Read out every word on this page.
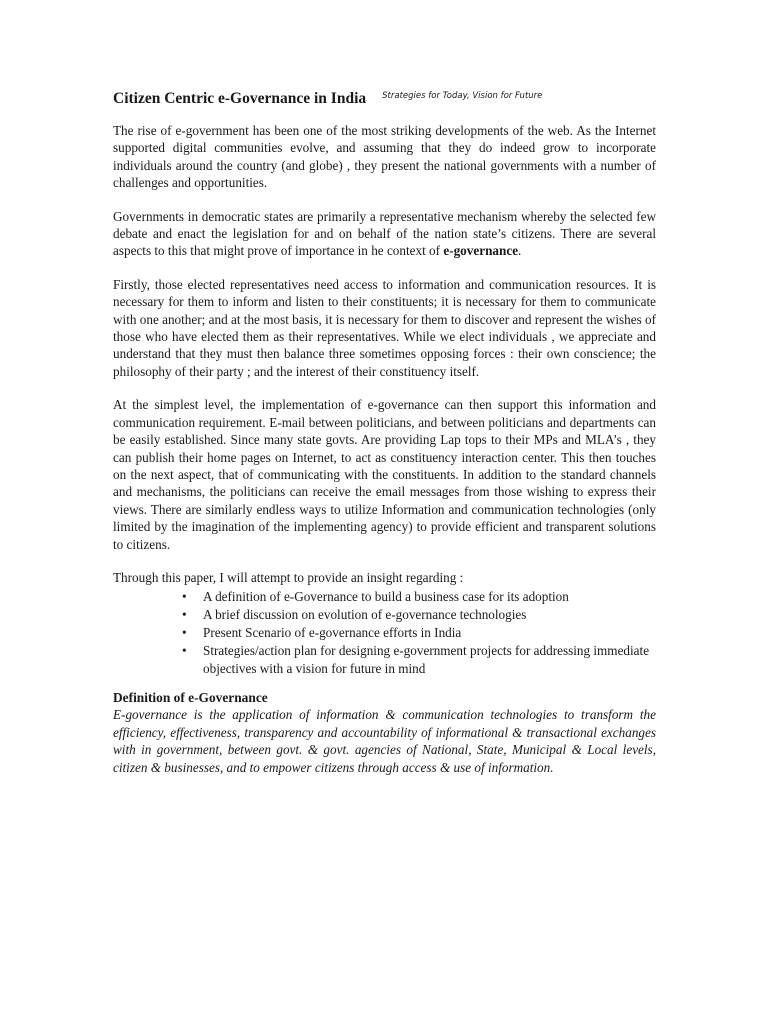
Citizen Centric e-Governance in India Strategies for Today, Vision for Future

The rise of e-government has been one of the most striking developments of the web. As the Internet supported digital communities evolve, and assuming that they do indeed grow to incorporate individuals around the country (and globe) , they present the national governments with a number of challenges and opportunities.

Governments in democratic states are primarily a representative mechanism whereby the selected few debate and enact the legislation for and on behalf of the nation state’s citizens. There are several aspects to this that might prove of importance in he context of e-governance.

Firstly, those elected representatives need access to information and communication resources. It is necessary for them to inform and listen to their constituents; it is necessary for them to communicate with one another; and at the most basis, it is necessary for them to discover and represent the wishes of those who have elected them as their representatives. While we elect individuals , we appreciate and understand that they must then balance three sometimes opposing forces : their own conscience; the philosophy of their party ; and the interest of their constituency itself.

At the simplest level, the implementation of e-governance can then support this information and communication requirement. E-mail between politicians, and between politicians and departments can be easily established. Since many state govts. Are providing Lap tops to their MPs and MLA’s , they can publish their home pages on Internet, to act as constituency interaction center. This then touches on the next aspect, that of communicating with the constituents. In addition to the standard channels and mechanisms, the politicians can receive the email messages from those wishing to express their views. There are similarly endless ways to utilize Information and communication technologies (only limited by the imagination of the implementing agency) to provide efficient and transparent solutions to citizens.

Through this paper, I will attempt to provide an insight regarding :

• A definition of e-Governance to build a business case for its adoption
• A brief discussion on evolution of e-governance technologies
• Present Scenario of e-governance efforts in India
• Strategies/action plan for designing e-government projects for addressing immediate objectives with a vision for future in mind
Definition of e-Governance

E-governance is the application of information & communication technologies to transform the efficiency, effectiveness, transparency and accountability of informational & transactional exchanges with in government, between govt. & govt. agencies of National, State, Municipal & Local levels, citizen & businesses, and to empower citizens through access & use of information.
